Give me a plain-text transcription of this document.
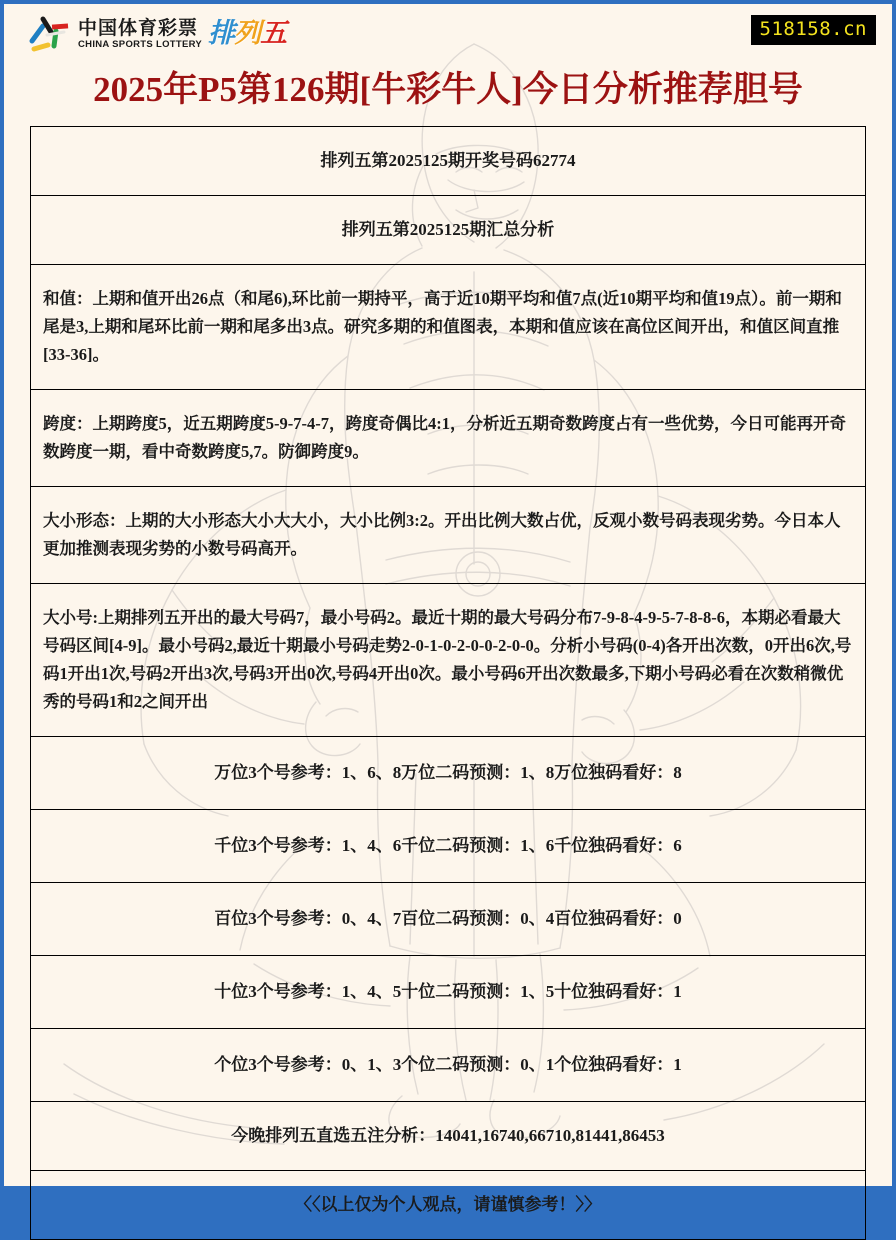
中国体育彩票
CHINA SPORTS LOTTERY 排列五	518158.cn
2025年P5第126期[牛彩牛人]今日分析推荐胆号
排列五第2025125期开奖号码62774
排列五第2025125期汇总分析
和值：上期和值开出26点（和尾6),环比前一期持平，高于近10期平均和值7点(近10期平均和值19点）。前一期和尾是3,上期和尾环比前一期和尾多出3点。研究多期的和值图表，本期和值应该在高位区间开出，和值区间直推[33-36]。
跨度：上期跨度5，近五期跨度5-9-7-4-7，跨度奇偶比4:1，分析近五期奇数跨度占有一些优势，今日可能再开奇数跨度一期，看中奇数跨度5,7。防御跨度9。
大小形态：上期的大小形态大小大大小，大小比例3:2。开出比例大数占优，反观小数号码表现劣势。今日本人更加推测表现劣势的小数号码高开。
大小号:上期排列五开出的最大号码7，最小号码2。最近十期的最大号码分布7-9-8-4-9-5-7-8-8-6，本期必看最大号码区间[4-9]。最小号码2,最近十期最小号码走势2-0-1-0-2-0-0-2-0-0。分析小号码(0-4)各开出次数，0开出6次,号码1开出1次,号码2开出3次,号码3开出0次,号码4开出0次。最小号码6开出次数最多,下期小号码必看在次数稍微优秀的号码1和2之间开出
万位3个号参考：1、6、8万位二码预测：1、8万位独码看好：8
千位3个号参考：1、4、6千位二码预测：1、6千位独码看好：6
百位3个号参考：0、4、7百位二码预测：0、4百位独码看好：0
十位3个号参考：1、4、5十位二码预测：1、5十位独码看好：1
个位3个号参考：0、1、3个位二码预测：0、1个位独码看好：1
今晚排列五直选五注分析：14041,16740,66710,81441,86453
〈〈以上仅为个人观点，请谨慎参考！〉〉
